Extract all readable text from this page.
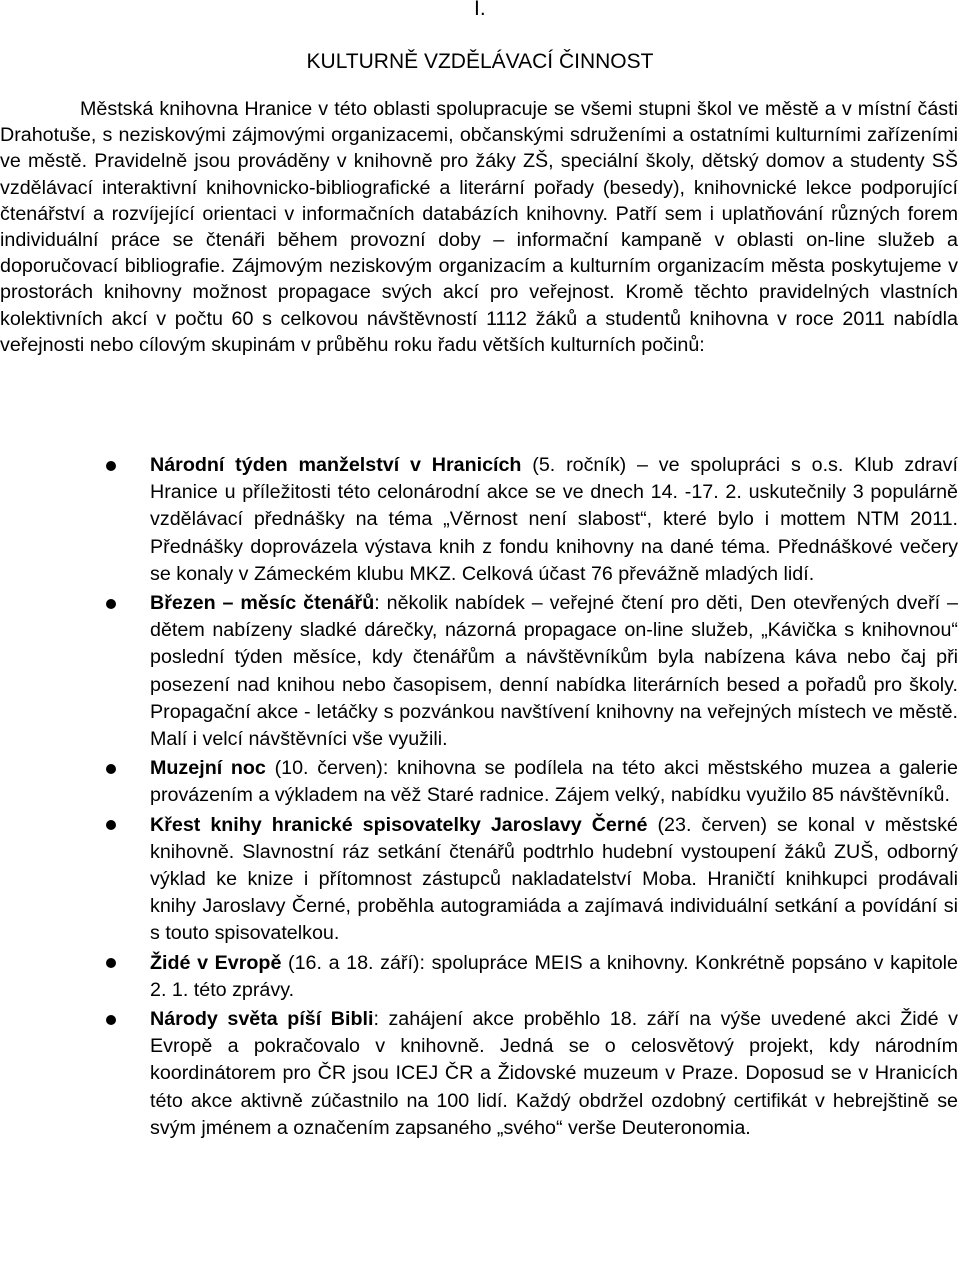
I.
KULTURNĚ VZDĚLÁVACÍ ČINNOST

Městská knihovna Hranice v této oblasti spolupracuje se všemi stupni škol ve městě a v místní části Drahotuše, s neziskovými zájmovými organizacemi, občanskými sdruženími a ostatními kulturními zařízeními ve městě. Pravidelně jsou prováděny v knihovně pro žáky ZŠ, speciální školy, dětský domov a studenty SŠ vzdělávací interaktivní knihovnicko-bibliografické a literární pořady (besedy), knihovnické lekce podporující čtenářství a rozvíjející orientaci v informačních databázích knihovny. Patří sem i uplatňování různých forem individuální práce se čtenáři během provozní doby – informační kampaně v oblasti on-line služeb a doporučovací bibliografie. Zájmovým neziskovým organizacím a kulturním organizacím města poskytujeme v prostorách knihovny možnost propagace svých akcí pro veřejnost. Kromě těchto pravidelných vlastních kolektivních akcí v počtu 60 s celkovou návštěvností 1112 žáků a studentů knihovna v roce 2011 nabídla veřejnosti nebo cílovým skupinám v průběhu roku řadu větších kulturních počinů:

Národní týden manželství v Hranicích (5. ročník) – ve spolupráci s o.s. Klub zdraví Hranice u příležitosti této celonárodní akce se ve dnech 14. -17. 2. uskutečnily 3 populárně vzdělávací přednášky na téma „Věrnost není slabost“, které bylo i mottem NTM 2011. Přednášky doprovázela výstava knih z fondu knihovny na dané téma. Přednáškové večery se konaly v Zámeckém klubu MKZ. Celková účast 76 převážně mladých lidí.
Březen – měsíc čtenářů: několik nabídek – veřejné čtení pro děti, Den otevřených dveří – dětem nabízeny sladké dárečky, názorná propagace on-line služeb, „Kávička s knihovnou“ poslední týden měsíce, kdy čtenářům a návštěvníkům byla nabízena káva nebo čaj při posezení nad knihou nebo časopisem, denní nabídka literárních besed a pořadů pro školy. Propagační akce - letáčky s pozvánkou navštívení knihovny na veřejných místech ve městě. Malí i velcí návštěvníci vše využili.
Muzejní noc (10. červen): knihovna se podílela na této akci městského muzea a galerie provázením a výkladem na věž Staré radnice. Zájem velký, nabídku využilo 85 návštěvníků.
Křest knihy hranické spisovatelky Jaroslavy Černé (23. červen) se konal v městské knihovně. Slavnostní ráz setkání čtenářů podtrhlo hudební vystoupení žáků ZUŠ, odborný výklad ke knize i přítomnost zástupců nakladatelství Moba. Hraničtí knihkupci prodávali knihy Jaroslavy Černé, proběhla autogramiáda a zajímavá individuální setkání a povídání si s touto spisovatelkou.
Židé v Evropě (16. a 18. září): spolupráce MEIS a knihovny. Konkrétně popsáno v kapitole 2. 1. této zprávy.
Národy světa píší Bibli: zahájení akce proběhlo 18. září na výše uvedené akci Židé v Evropě a pokračovalo v knihovně. Jedná se o celosvětový projekt, kdy národním koordinátorem pro ČR jsou ICEJ ČR a Židovské muzeum v Praze. Doposud se v Hranicích této akce aktivně zúčastnilo na 100 lidí. Každý obdržel ozdobný certifikát v hebrejštině se svým jménem a označením zapsaného „svého“ verše Deuteronomia.
